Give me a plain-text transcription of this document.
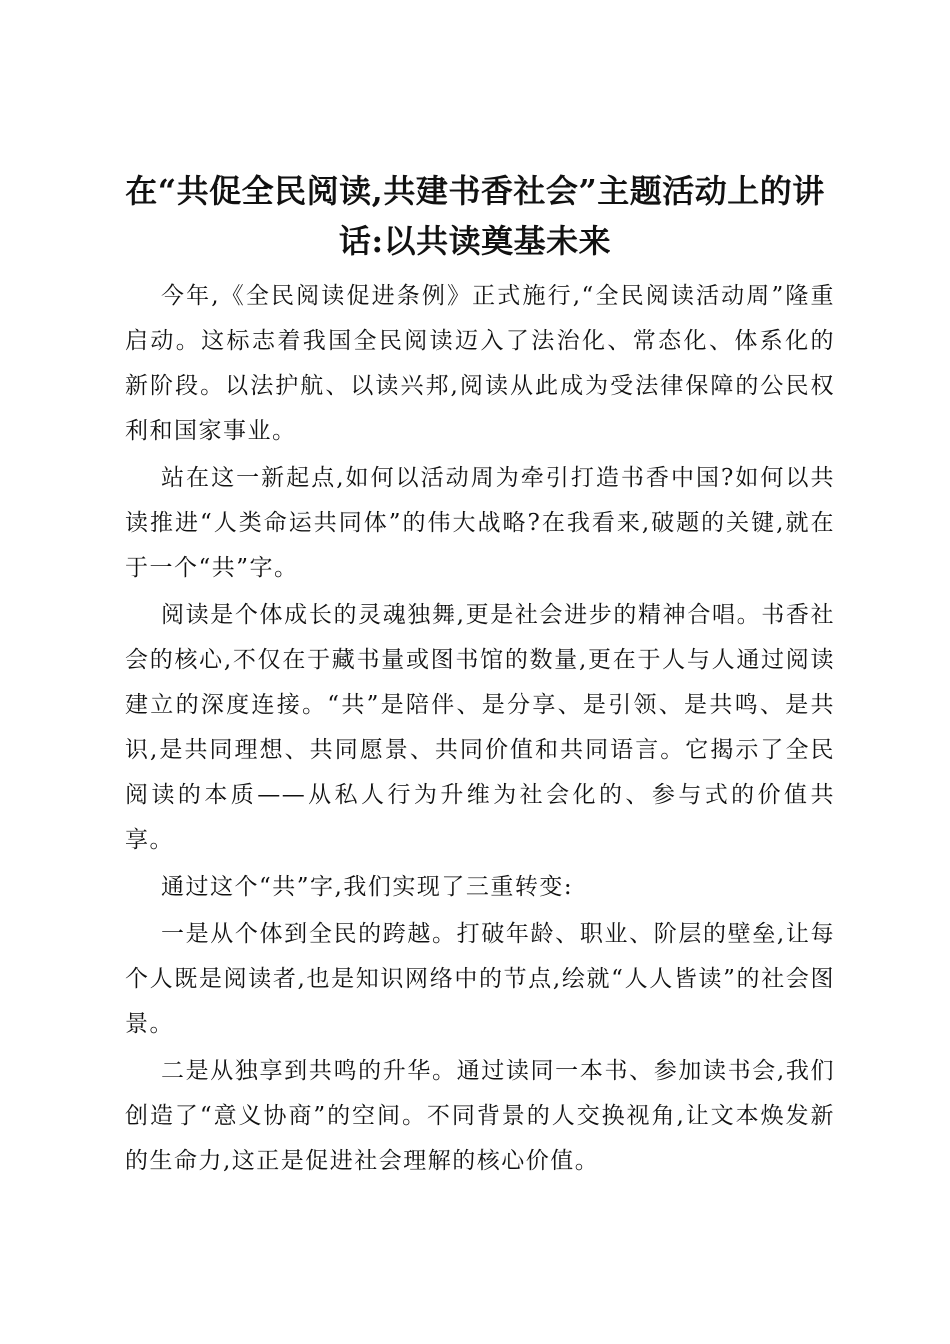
在“共促全民阅读,共建书香社会”主题活动上的讲话:以共读奠基未来

今年,《全民阅读促进条例》正式施行,“全民阅读活动周”隆重启动。这标志着我国全民阅读迈入了法治化、常态化、体系化的新阶段。以法护航、以读兴邦,阅读从此成为受法律保障的公民权利和国家事业。

站在这一新起点,如何以活动周为牵引打造书香中国?如何以共读推进“人类命运共同体”的伟大战略?在我看来,破题的关键,就在于一个“共”字。

阅读是个体成长的灵魂独舞,更是社会进步的精神合唱。书香社会的核心,不仅在于藏书量或图书馆的数量,更在于人与人通过阅读建立的深度连接。“共”是陪伴、是分享、是引领、是共鸣、是共识,是共同理想、共同愿景、共同价值和共同语言。它揭示了全民阅读的本质——从私人行为升维为社会化的、参与式的价值共享。

通过这个“共”字,我们实现了三重转变:

一是从个体到全民的跨越。打破年龄、职业、阶层的壁垒,让每个人既是阅读者,也是知识网络中的节点,绘就“人人皆读”的社会图景。

二是从独享到共鸣的升华。通过读同一本书、参加读书会,我们创造了“意义协商”的空间。不同背景的人交换视角,让文本焕发新的生命力,这正是促进社会理解的核心价值。
